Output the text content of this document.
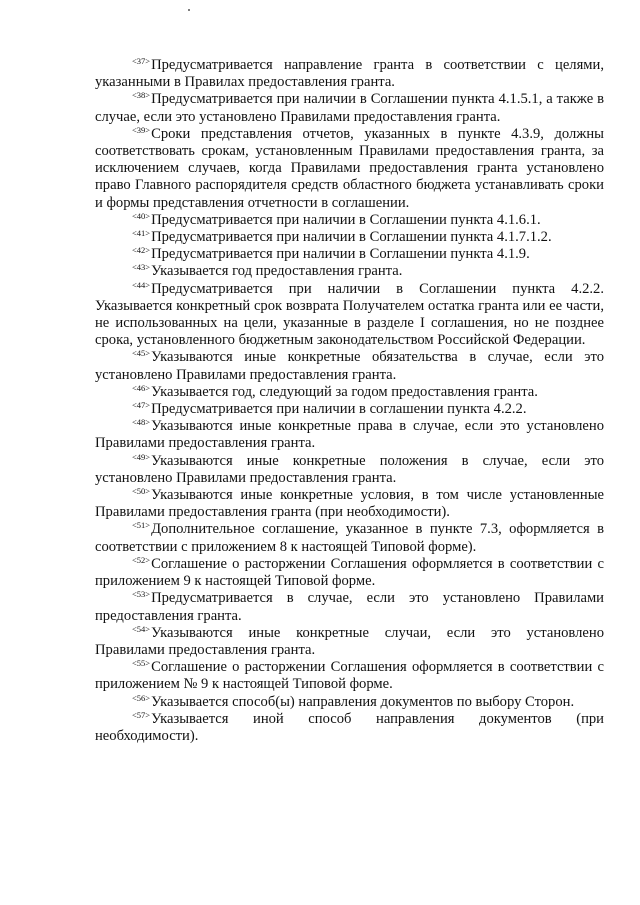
$^{<37>}$Предусматривается направление гранта в соответствии с целями, указанными в Правилах предоставления гранта.

$^{<38>}$Предусматривается при наличии в Соглашении пункта 4.1.5.1, а также в случае, если это установлено Правилами предоставления гранта.

$^{<39>}$Сроки представления отчетов, указанных в пункте 4.3.9, должны соответствовать срокам, установленным Правилами предоставления гранта, за исключением случаев, когда Правилами предоставления гранта установлено право Главного распорядителя средств областного бюджета устанавливать сроки и формы представления отчетности в соглашении.

$^{<40>}$Предусматривается при наличии в Соглашении пункта 4.1.6.1.

$^{<41>}$Предусматривается при наличии в Соглашении пункта 4.1.7.1.2.

$^{<42>}$Предусматривается при наличии в Соглашении пункта 4.1.9.

$^{<43>}$Указывается год предоставления гранта.

$^{<44>}$Предусматривается при наличии в Соглашении пункта 4.2.2. Указывается конкретный срок возврата Получателем остатка гранта или ее части, не использованных на цели, указанные в разделе I соглашения, но не позднее срока, установленного бюджетным законодательством Российской Федерации.

$^{<45>}$Указываются иные конкретные обязательства в случае, если это установлено Правилами предоставления гранта.

$^{<46>}$Указывается год, следующий за годом предоставления гранта.

$^{<47>}$Предусматривается при наличии в соглашении пункта 4.2.2.

$^{<48>}$Указываются иные конкретные права в случае, если это установлено Правилами предоставления гранта.

$^{<49>}$Указываются иные конкретные положения в случае, если это установлено Правилами предоставления гранта.

$^{<50>}$Указываются иные конкретные условия, в том числе установленные Правилами предоставления гранта (при необходимости).

$^{<51>}$Дополнительное соглашение, указанное в пункте 7.3, оформляется в соответствии с приложением 8 к настоящей Типовой форме).

$^{<52>}$Соглашение о расторжении Соглашения оформляется в соответствии с приложением 9 к настоящей Типовой форме.

$^{<53>}$Предусматривается в случае, если это установлено Правилами предоставления гранта.

$^{<54>}$Указываются иные конкретные случаи, если это установлено Правилами предоставления гранта.

$^{<55>}$Соглашение о расторжении Соглашения оформляется в соответствии с приложением № 9 к настоящей Типовой форме.

$^{<56>}$Указывается способ(ы) направления документов по выбору Сторон.

$^{<57>}$Указывается иной способ направления документов (при необходимости).
